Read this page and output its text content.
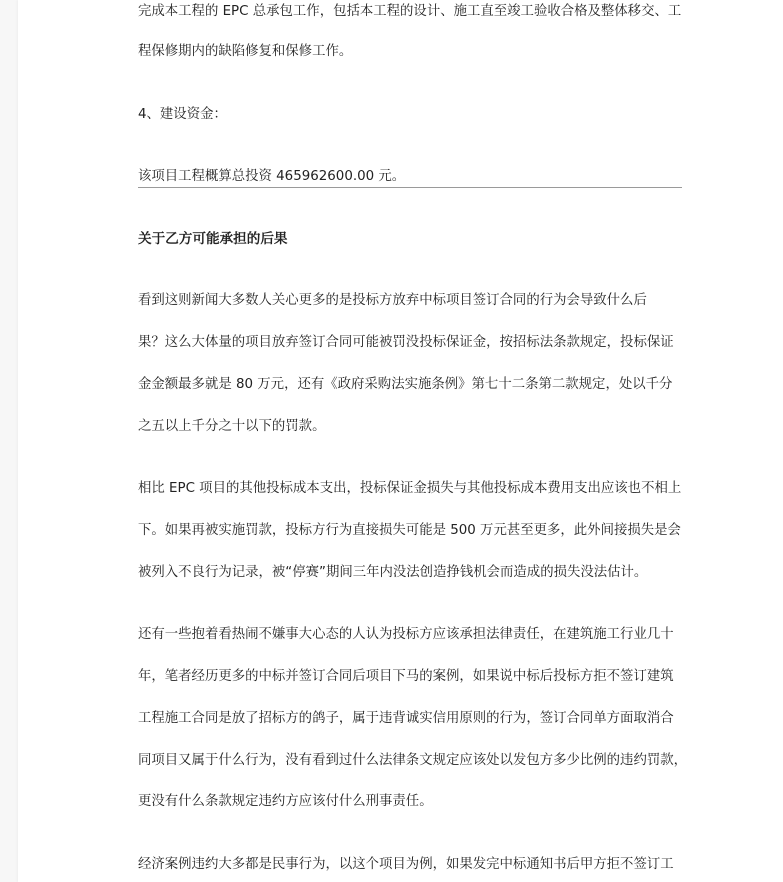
完成本工程的 EPC 总承包工作，包括本工程的设计、施工直至竣工验收合格及整体移交、工
程保修期内的缺陷修复和保修工作。
4、建设资金：
该项目工程概算总投资 465962600.00 元。
关于乙方可能承担的后果
看到这则新闻大多数人关心更多的是投标方放弃中标项目签订合同的行为会导致什么后
果？这么大体量的项目放弃签订合同可能被罚没投标保证金，按招标法条款规定，投标保证
金金额最多就是 80 万元，还有《政府采购法实施条例》第七十二条第二款规定，处以千分
之五以上千分之十以下的罚款。
相比 EPC 项目的其他投标成本支出，投标保证金损失与其他投标成本费用支出应该也不相上
下。如果再被实施罚款，投标方行为直接损失可能是 500 万元甚至更多，此外间接损失是会
被列入不良行为记录，被“停赛”期间三年内没法创造挣钱机会而造成的损失没法估计。
还有一些抱着看热闹不嫌事大心态的人认为投标方应该承担法律责任，在建筑施工行业几十
年，笔者经历更多的中标并签订合同后项目下马的案例，如果说中标后投标方拒不签订建筑
工程施工合同是放了招标方的鸽子，属于违背诚实信用原则的行为，签订合同单方面取消合
同项目又属于什么行为，没有看到过什么法律条文规定应该处以发包方多少比例的违约罚款，
更没有什么条款规定违约方应该付什么刑事责任。
经济案例违约大多都是民事行为，以这个项目为例，如果发完中标通知书后甲方拒不签订工
